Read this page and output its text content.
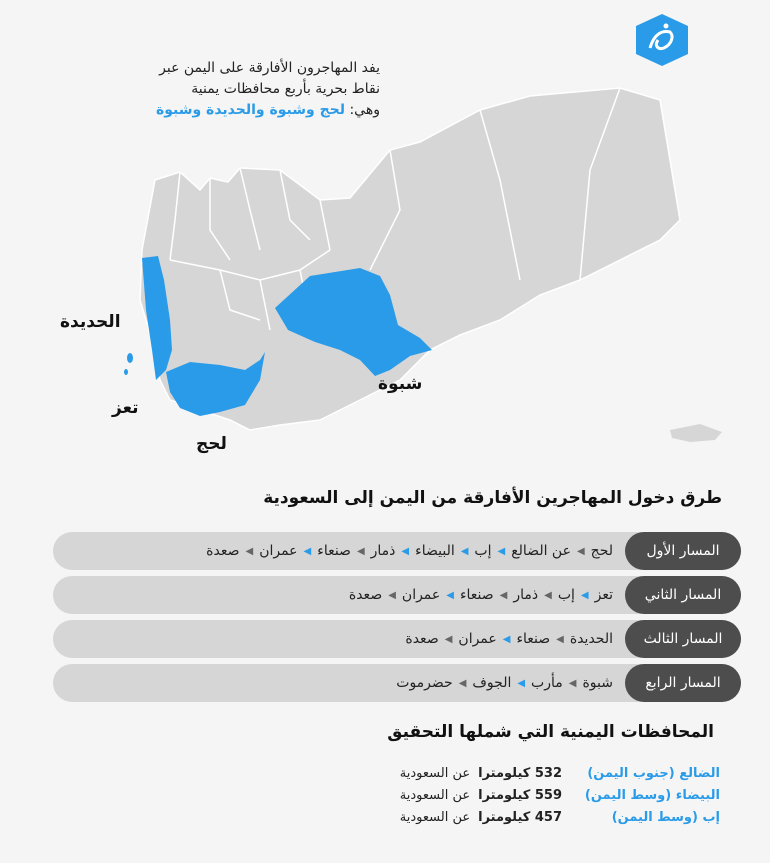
يفد المهاجرون الأفارقة على اليمن عبر
نقاط بحرية بأربع محافظات يمنية
وهي: لحج وشبوة والحديدة وشبوة
الحديدة
تعز
لحج
شبوة
طرق دخول المهاجرين الأفارقة من اليمن إلى السعودية
المسار الأول
لحج
◀
عن الضالع
◀
إب
◀
البيضاء
◀
ذمار
◀
صنعاء
◀
عمران
◀
صعدة
المسار الثاني
تعز
◀
إب
◀
ذمار
◀
صنعاء
◀
عمران
◀
صعدة
المسار الثالث
الحديدة
◀
صنعاء
◀
عمران
◀
صعدة
المسار الرابع
شبوة
◀
مأرب
◀
الجوف
◀
حضرموت
المحافظات اليمنية التي شملها التحقيق
الضالع (جنوب اليمن)
532 كيلومترا
عن السعودية
البيضاء (وسط اليمن)
559 كيلومترا
عن السعودية
إب (وسط اليمن)
457 كيلومترا
عن السعودية
